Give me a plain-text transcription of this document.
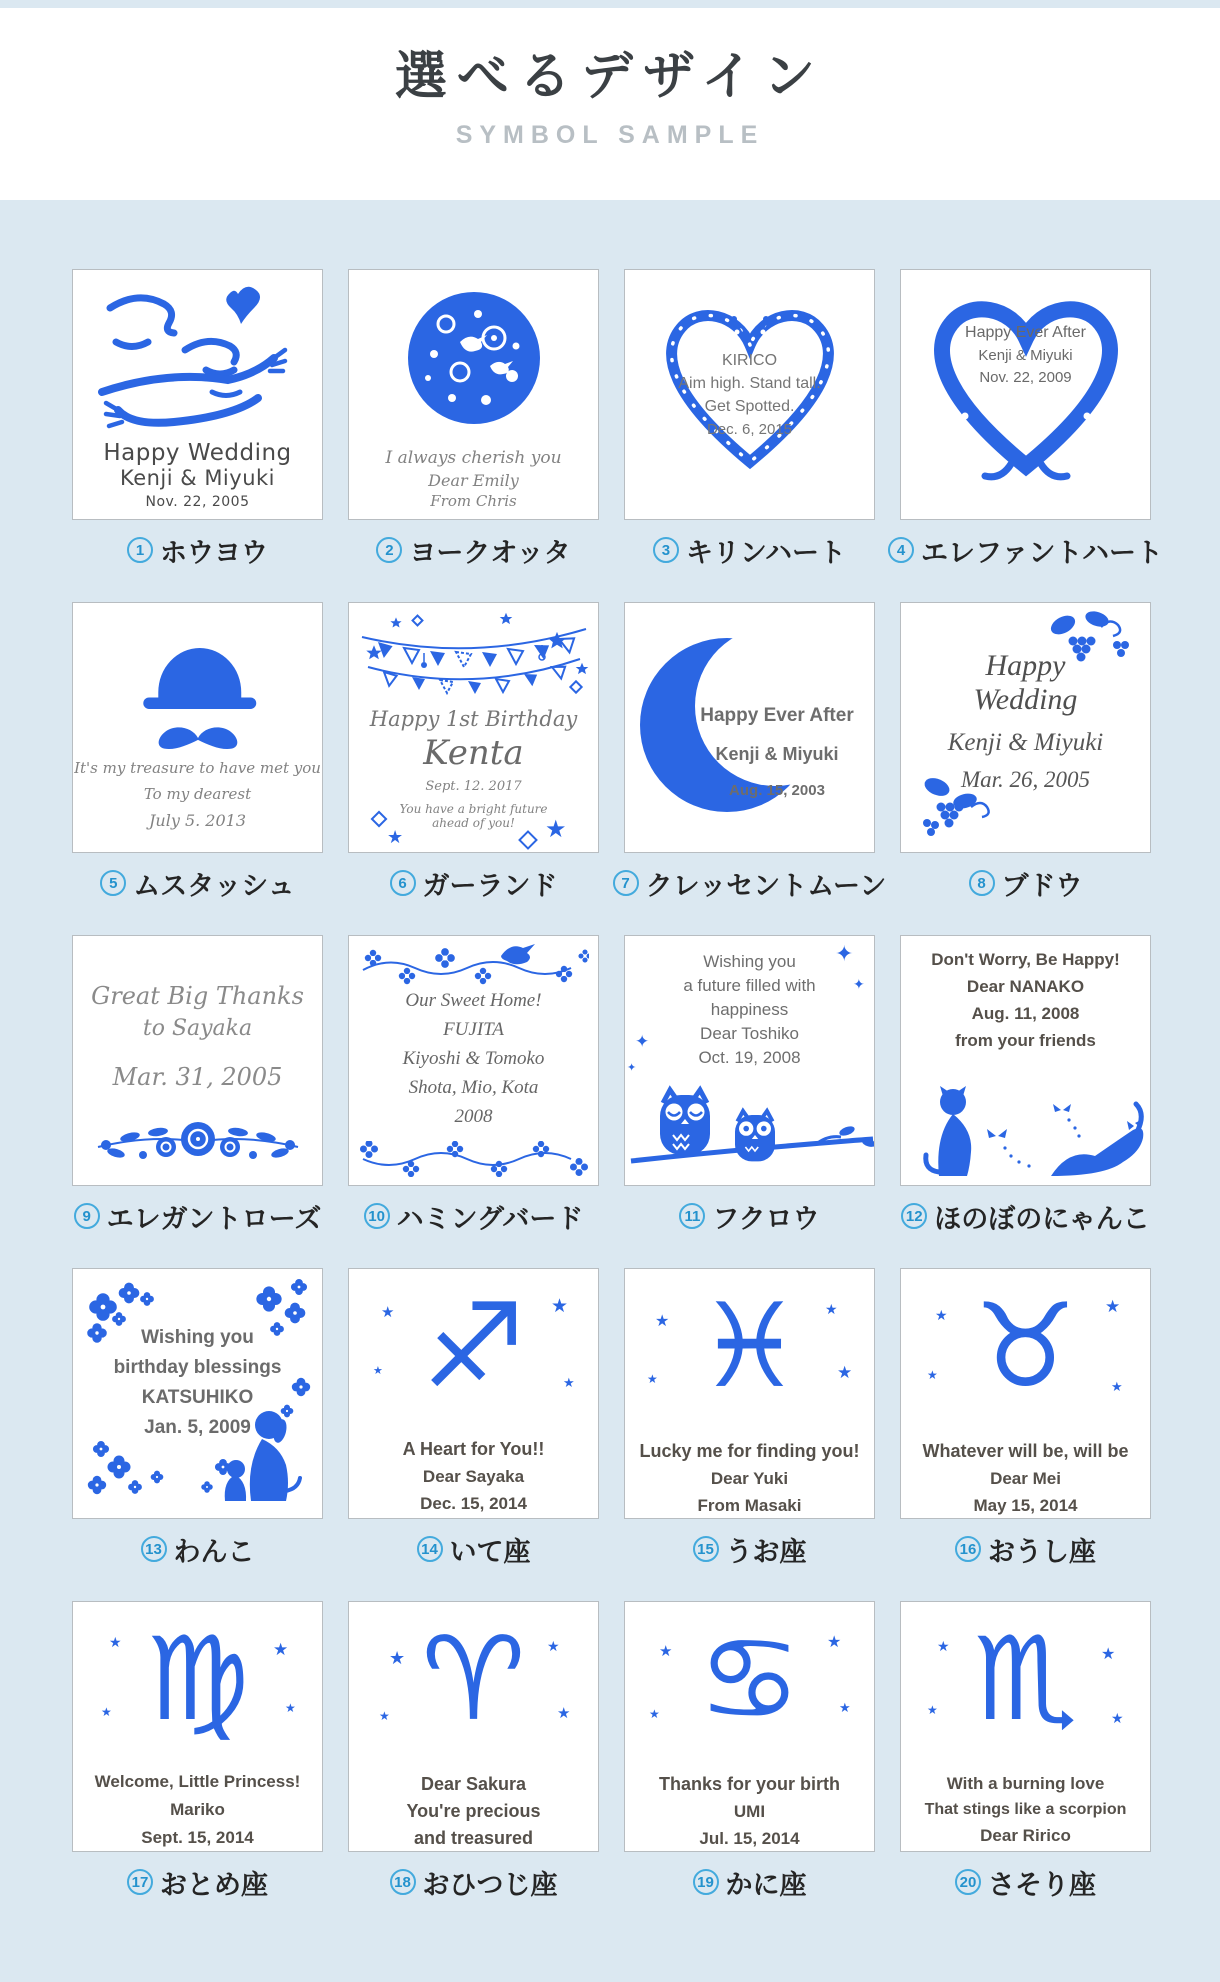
選べるデザイン
SYMBOL SAMPLE
Happy Wedding
Kenji & Miyuki
Nov. 22, 2005
1 ホウヨウ
I always cherish you
Dear Emily
From Chris
2 ヨークオッタ
KIRICO
Aim high. Stand tall.
Get Spotted.
Dec. 6, 2015
3 キリンハート
Happy Ever After
Kenji & Miyuki
Nov. 22, 2009
4 エレファントハート
It's my treasure to have met you
To my dearest
July 5. 2013
5 ムスタッシュ
Happy 1st Birthday
Kenta
Sept. 12. 2017
You have a bright future
ahead of you!
★	★
6 ガーランド
Happy Ever After
Kenji & Miyuki
Aug. 15, 2003
7 クレッセントムーン
Happy
Wedding
Kenji & Miyuki
Mar. 26, 2005
8 ブドウ
Great Big Thanks
to Sayaka
Mar. 31, 2005
9 エレガントローズ
Our Sweet Home!
FUJITA
Kiyoshi & Tomoko
Shota, Mio, Kota
2008
10 ハミングバード
Wishing you
a future filled with
happiness
Dear Toshiko
Oct. 19, 2008
✦
✦
✦
✦
11 フクロウ
Don't Worry, Be Happy!
Dear NANAKO
Aug. 11, 2008
from your friends
12 ほのぼのにゃんこ
Wishing you
birthday blessings
KATSUHIKO
Jan. 5, 2009
13 わんこ
♐
★	★
★
★
A Heart for You!!
Dear Sayaka
Dec. 15, 2014
14 いて座
♓
★
★
★	★
Lucky me for finding you!
Dear Yuki
From Masaki
15 うお座
♉
★	★
★
★
Whatever will be, will be
Dear Mei
May 15, 2014
16 おうし座
♍
★	★
★	★
Welcome, Little Princess!
Mariko
Sept. 15, 2014
17 おとめ座
♈
★
★
★	★
Dear Sakura
You're precious
and treasured
18 おひつじ座
♋
★	★
★	★
Thanks for your birth
UMI
Jul. 15, 2014
19 かに座
♏
★	★
★
★
With a burning love
That stings like a scorpion
Dear Ririco
20 さそり座
